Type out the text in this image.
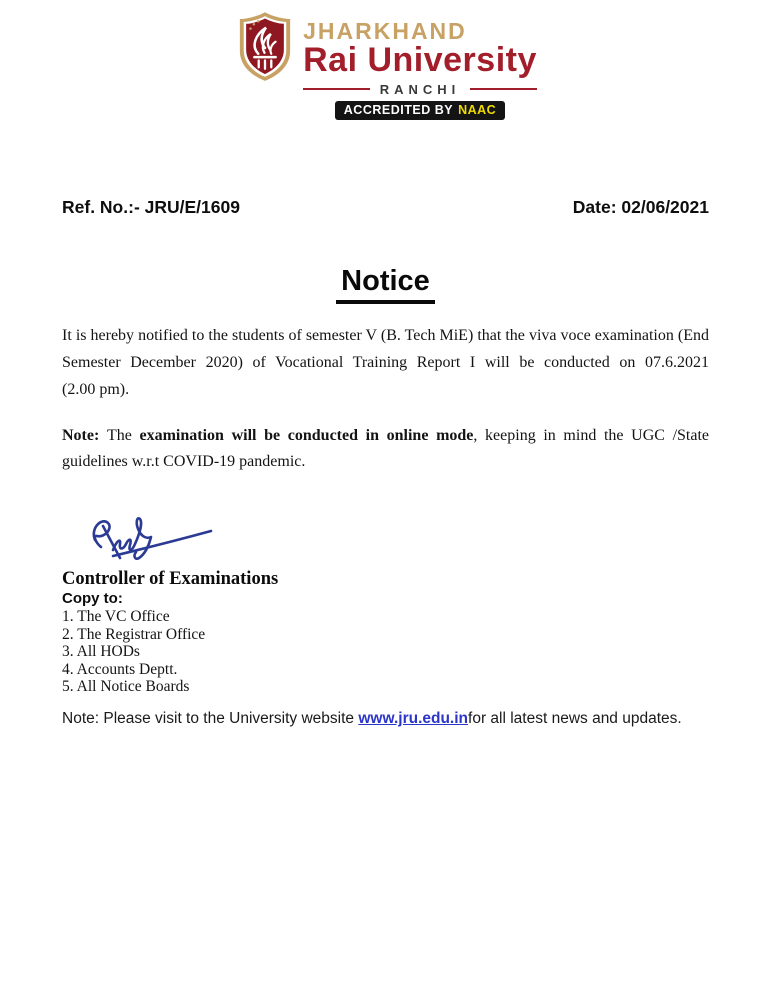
JHARKHAND
Rai University
RANCHI
ACCREDITED BY NAAC
Ref. No.:- JRU/E/1609	Date: 02/06/2021
Notice

It is hereby notified to the students of semester V (B. Tech MiE) that the viva voce examination (End Semester December 2020) of Vocational Training Report I will be conducted on 07.6.2021 (2.00 pm).

Note: The examination will be conducted in online mode, keeping in mind the UGC /State guidelines w.r.t COVID-19 pandemic.

Controller of Examinations
Copy to:
1. The VC Office
2. The Registrar Office
3. All HODs
4. Accounts Deptt.
5. All Notice Boards

Note: Please visit to the University website www.jru.edu.infor all latest news and updates.
